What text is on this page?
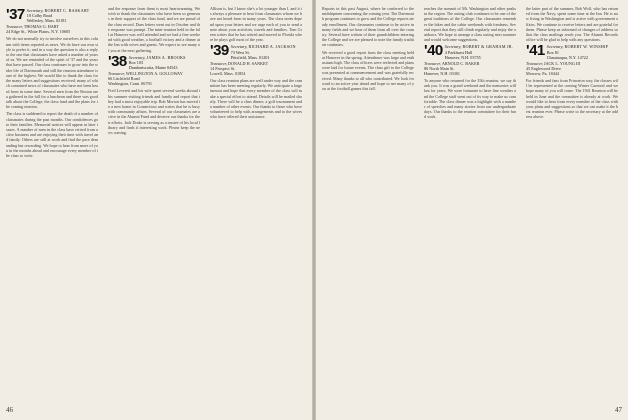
'37 Secretary, ROBERT C. BASKART
10 Colby Road
Wellesley, Mass. 02181
Treasurer, THOMAS G. HART
24 Edge St., White Plains, N.Y. 10605
We do not normally try to involve ourselves in this column with items reported as news. We do have our own style to prefer it; and in a way the question is also a reply to the one that classmates have asked a number of years of us. We are reminded of the spirit of '37 and the years that have passed. Our class continues to grow into the wider life of Dartmouth and still the reunion attendance is one of the highest. We would like to thank the class for the many letters and suggestions received, many of which contained news of classmates who have not been heard from in some time. Several men from the Boston area gathered in the fall for a luncheon and there was good talk about the College, the class fund and the plans for the coming reunion.
The class is saddened to report the death of a number of classmates during the past months. Our condolences go to their families. Memorial notices will appear in later issues. A number of men in the class have retired from active business and are enjoying their time with travel and family. Others are still at work and find the pace demanding but rewarding. We hope to hear from more of you in the months ahead and encourage every member of the class to write.
and the response from them is most heartwarming. We wish to thank the classmates who have been so generous in their support of the class fund, and we are proud of the class record. Dues letters went out in October and the response was prompt. The mini-reunion held in the fall at Hanover was well attended and we had a fine weekend with good weather, a football victory and a dinner at the Inn with wives and guests. We expect to see many of you at the next gathering.
'38 Secretary, JAMES A. BROOKS
Box 103
Dambariscotta, Maine 04543
Treasurer, WELLINGTON A. GOLLOWAY
66 Litchfield Road
Washington, Conn. 06793
Fred Leverett and his wife spent several weeks abroad this summer visiting friends and family and report that they had a most enjoyable trip. Bob Morton has moved to a new home in Connecticut and writes that he is busy with community affairs. Several of our classmates are active in the Alumni Fund and deserve our thanks for their efforts. Jack Drake is serving as a trustee of his local library and finds it interesting work. Please keep the news coming.
Allison is, but I know she's a lot younger than I, and it is always a pleasure to hear from classmates whom we have not heard from in many years. The class notes depend upon your letters and we urge each of you to send a note about your activities, travels and families. Tom Green writes that he has retired and moved to Florida where he plays golf most of the year.
'39 Secretary, RICHARD A. JACKSON
73 West St.
Pittsfield, Mass. 01201
Treasurer, DONALD H. SANKET
14 Prospect St.
Lowell, Mass. 01854
Our class reunion plans are well under way and the committee has been meeting regularly. We anticipate a large turnout and hope that every member of the class will make a special effort to attend. Details will be mailed shortly. There will be a class dinner, a golf tournament and a number of other events. Our thanks to those who have volunteered to help with arrangements and to the wives who have offered their assistance.
46
Reports in this past August, where he conferred to the midshipmen concerning the coming year. The Dartmouth program continues to grow and the College reports steady enrollment. Our classmates continue to be active in many fields and we hear of them from all over the country. Several have written of their grandchildren entering the College and we are pleased to note the family tradition continues.
We received a good report from the class meeting held at Hanover in the spring. Attendance was large and enthusiasm high. The class officers were reelected and plans were laid for future events. The class gift to the College was presented at commencement and was gratefully received. Many thanks to all who contributed. We look forward to an active year ahead and hope to see many of you at the football games this fall.
reaches the summit of Mt. Washington and other peaks in the region. The outing club continues to be one of the great traditions of the College. Our classmates remember the hikes and the cabin weekends with fondness. Several report that they still climb regularly and enjoy the outdoors. We hope to arrange a class outing next summer and would welcome suggestions.
'40 Secretary, ROBERT & GRAHAM JR.
4 Parkhurst Hall
Hanover, N.H. 03755
Treasurer, ARNOLD C. BAKER
80 North Main St.
Hanover, N.H. 03301
To anyone who returned for the 35th reunion, we say thank you. It was a grand weekend and the memories will last for years. We were fortunate to have fine weather and the College staff went out of its way to make us comfortable. The class dinner was a highlight with a number of speeches and many stories from our undergraduate days. Our thanks to the reunion committee for their hard work.
the latter part of the summer, Bob Wolf, who has returned from the Navy, spent some time at the Inn. He is now living in Washington and is active with government affairs. We continue to receive letters and are grateful for them. Please keep us informed of changes of address so that the class mailings reach you. The Alumni Records office will be glad to help with any questions.
'41 Secretary, ROBERT W. WINSHIP
Box 81
Chautauqua, N.Y. 14722
Treasurer, JACK L. YOUNG III
45 Englewood Drive
Moscow, Pa. 18444
For friends and fans from Princeton way, the classes will be represented at the coming Winter Carnival and we hope many of you will come. The 1941 Reunion will be held in June and the committee is already at work. We would like to hear from every member of the class with your plans and suggestions so that we can make it the best reunion ever. Please write to the secretary at the address above.
47
